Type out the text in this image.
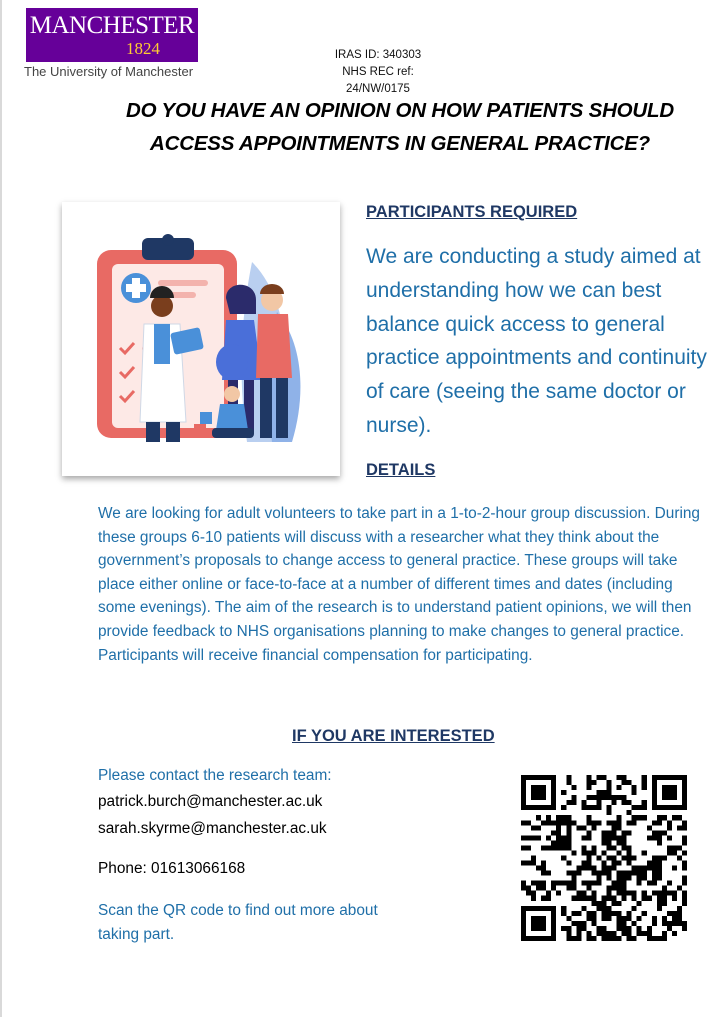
MANCHESTER
1824
The University of Manchester
IRAS ID: 340303
NHS REC ref: 24/NW/0175
DO YOU HAVE AN OPINION ON HOW PATIENTS SHOULD
ACCESS APPOINTMENTS IN GENERAL PRACTICE?
PARTICIPANTS REQUIRED
We are conducting a study aimed at understanding how we can best balance quick access to general practice appointments and continuity of care (seeing the same doctor or nurse).
DETAILS
We are looking for adult volunteers to take part in a 1-to-2-hour group discussion. During these groups 6-10 patients will discuss with a researcher what they think about the government’s proposals to change access to general practice. These groups will take place either online or face-to-face at a number of different times and dates (including some evenings). The aim of the research is to understand patient opinions, we will then provide feedback to NHS organisations planning to make changes to general practice. Participants will receive financial compensation for participating.
IF YOU ARE INTERESTED
Please contact the research team:
patrick.burch@manchester.ac.uk
sarah.skyrme@manchester.ac.uk
Phone: 01613066168
Scan the QR code to find out more about taking part.
